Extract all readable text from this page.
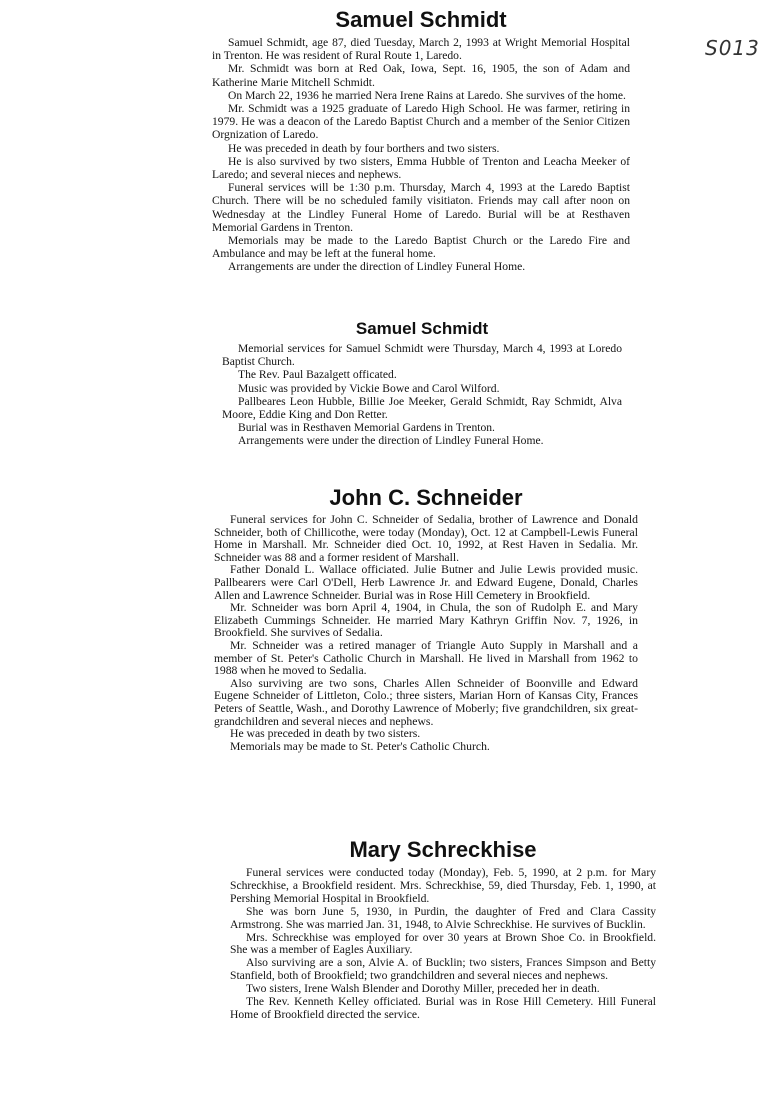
S013
Samuel Schmidt

Samuel Schmidt, age 87, died Tuesday, March 2, 1993 at Wright Memorial Hospital in Trenton. He was resident of Rural Route 1, Laredo.

Mr. Schmidt was born at Red Oak, Iowa, Sept. 16, 1905, the son of Adam and Katherine Marie Mitchell Schmidt.

On March 22, 1936 he married Nera Irene Rains at Laredo. She survives of the home.

Mr. Schmidt was a 1925 graduate of Laredo High School. He was farmer, retiring in 1979. He was a deacon of the Laredo Baptist Church and a member of the Senior Citizen Orgnization of Laredo.

He was preceded in death by four borthers and two sisters.

He is also survived by two sisters, Emma Hubble of Trenton and Leacha Meeker of Laredo; and several nieces and nephews.

Funeral services will be 1:30 p.m. Thursday, March 4, 1993 at the Laredo Baptist Church. There will be no scheduled family visitiaton. Friends may call after noon on Wednesday at the Lindley Funeral Home of Laredo. Burial will be at Resthaven Memorial Gardens in Trenton.

Memorials may be made to the Laredo Baptist Church or the Laredo Fire and Ambulance and may be left at the funeral home.

Arrangements are under the direction of Lindley Funeral Home.

Samuel Schmidt

Memorial services for Samuel Schmidt were Thursday, March 4, 1993 at Loredo Baptist Church.

The Rev. Paul Bazalgett officated.

Music was provided by Vickie Bowe and Carol Wilford.

Pallbeares Leon Hubble, Billie Joe Meeker, Gerald Schmidt, Ray Schmidt, Alva Moore, Eddie King and Don Retter.

Burial was in Resthaven Memorial Gardens in Trenton.

Arrangements were under the direction of Lindley Funeral Home.

John C. Schneider

Funeral services for John C. Schneider of Sedalia, brother of Lawrence and Donald Schneider, both of Chillicothe, were today (Monday), Oct. 12 at Campbell-Lewis Funeral Home in Marshall. Mr. Schneider died Oct. 10, 1992, at Rest Haven in Sedalia. Mr. Schneider was 88 and a former resident of Marshall.

Father Donald L. Wallace officiated. Julie Butner and Julie Lewis provided music. Pallbearers were Carl O'Dell, Herb Lawrence Jr. and Edward Eugene, Donald, Charles Allen and Lawrence Schneider. Burial was in Rose Hill Cemetery in Brookfield.

Mr. Schneider was born April 4, 1904, in Chula, the son of Rudolph E. and Mary Elizabeth Cummings Schneider. He married Mary Kathryn Griffin Nov. 7, 1926, in Brookfield. She survives of Sedalia.

Mr. Schneider was a retired manager of Triangle Auto Supply in Marshall and a member of St. Peter's Catholic Church in Marshall. He lived in Marshall from 1962 to 1988 when he moved to Sedalia.

Also surviving are two sons, Charles Allen Schneider of Boonville and Edward Eugene Schneider of Littleton, Colo.; three sisters, Marian Horn of Kansas City, Frances Peters of Seattle, Wash., and Dorothy Lawrence of Moberly; five grandchildren, six great-grandchildren and several nieces and nephews.

He was preceded in death by two sisters.

Memorials may be made to St. Peter's Catholic Church.

Mary Schreckhise

Funeral services were conducted today (Monday), Feb. 5, 1990, at 2 p.m. for Mary Schreckhise, a Brookfield resident. Mrs. Schreckhise, 59, died Thursday, Feb. 1, 1990, at Pershing Memorial Hospital in Brookfield.

She was born June 5, 1930, in Purdin, the daughter of Fred and Clara Cassity Armstrong. She was married Jan. 31, 1948, to Alvie Schreckhise. He survives of Bucklin.

Mrs. Schreckhise was employed for over 30 years at Brown Shoe Co. in Brookfield. She was a member of Eagles Auxiliary.

Also surviving are a son, Alvie A. of Bucklin; two sisters, Frances Simpson and Betty Stanfield, both of Brookfield; two grandchildren and several nieces and nephews.

Two sisters, Irene Walsh Blender and Dorothy Miller, preceded her in death.

The Rev. Kenneth Kelley officiated. Burial was in Rose Hill Cemetery. Hill Funeral Home of Brookfield directed the service.
